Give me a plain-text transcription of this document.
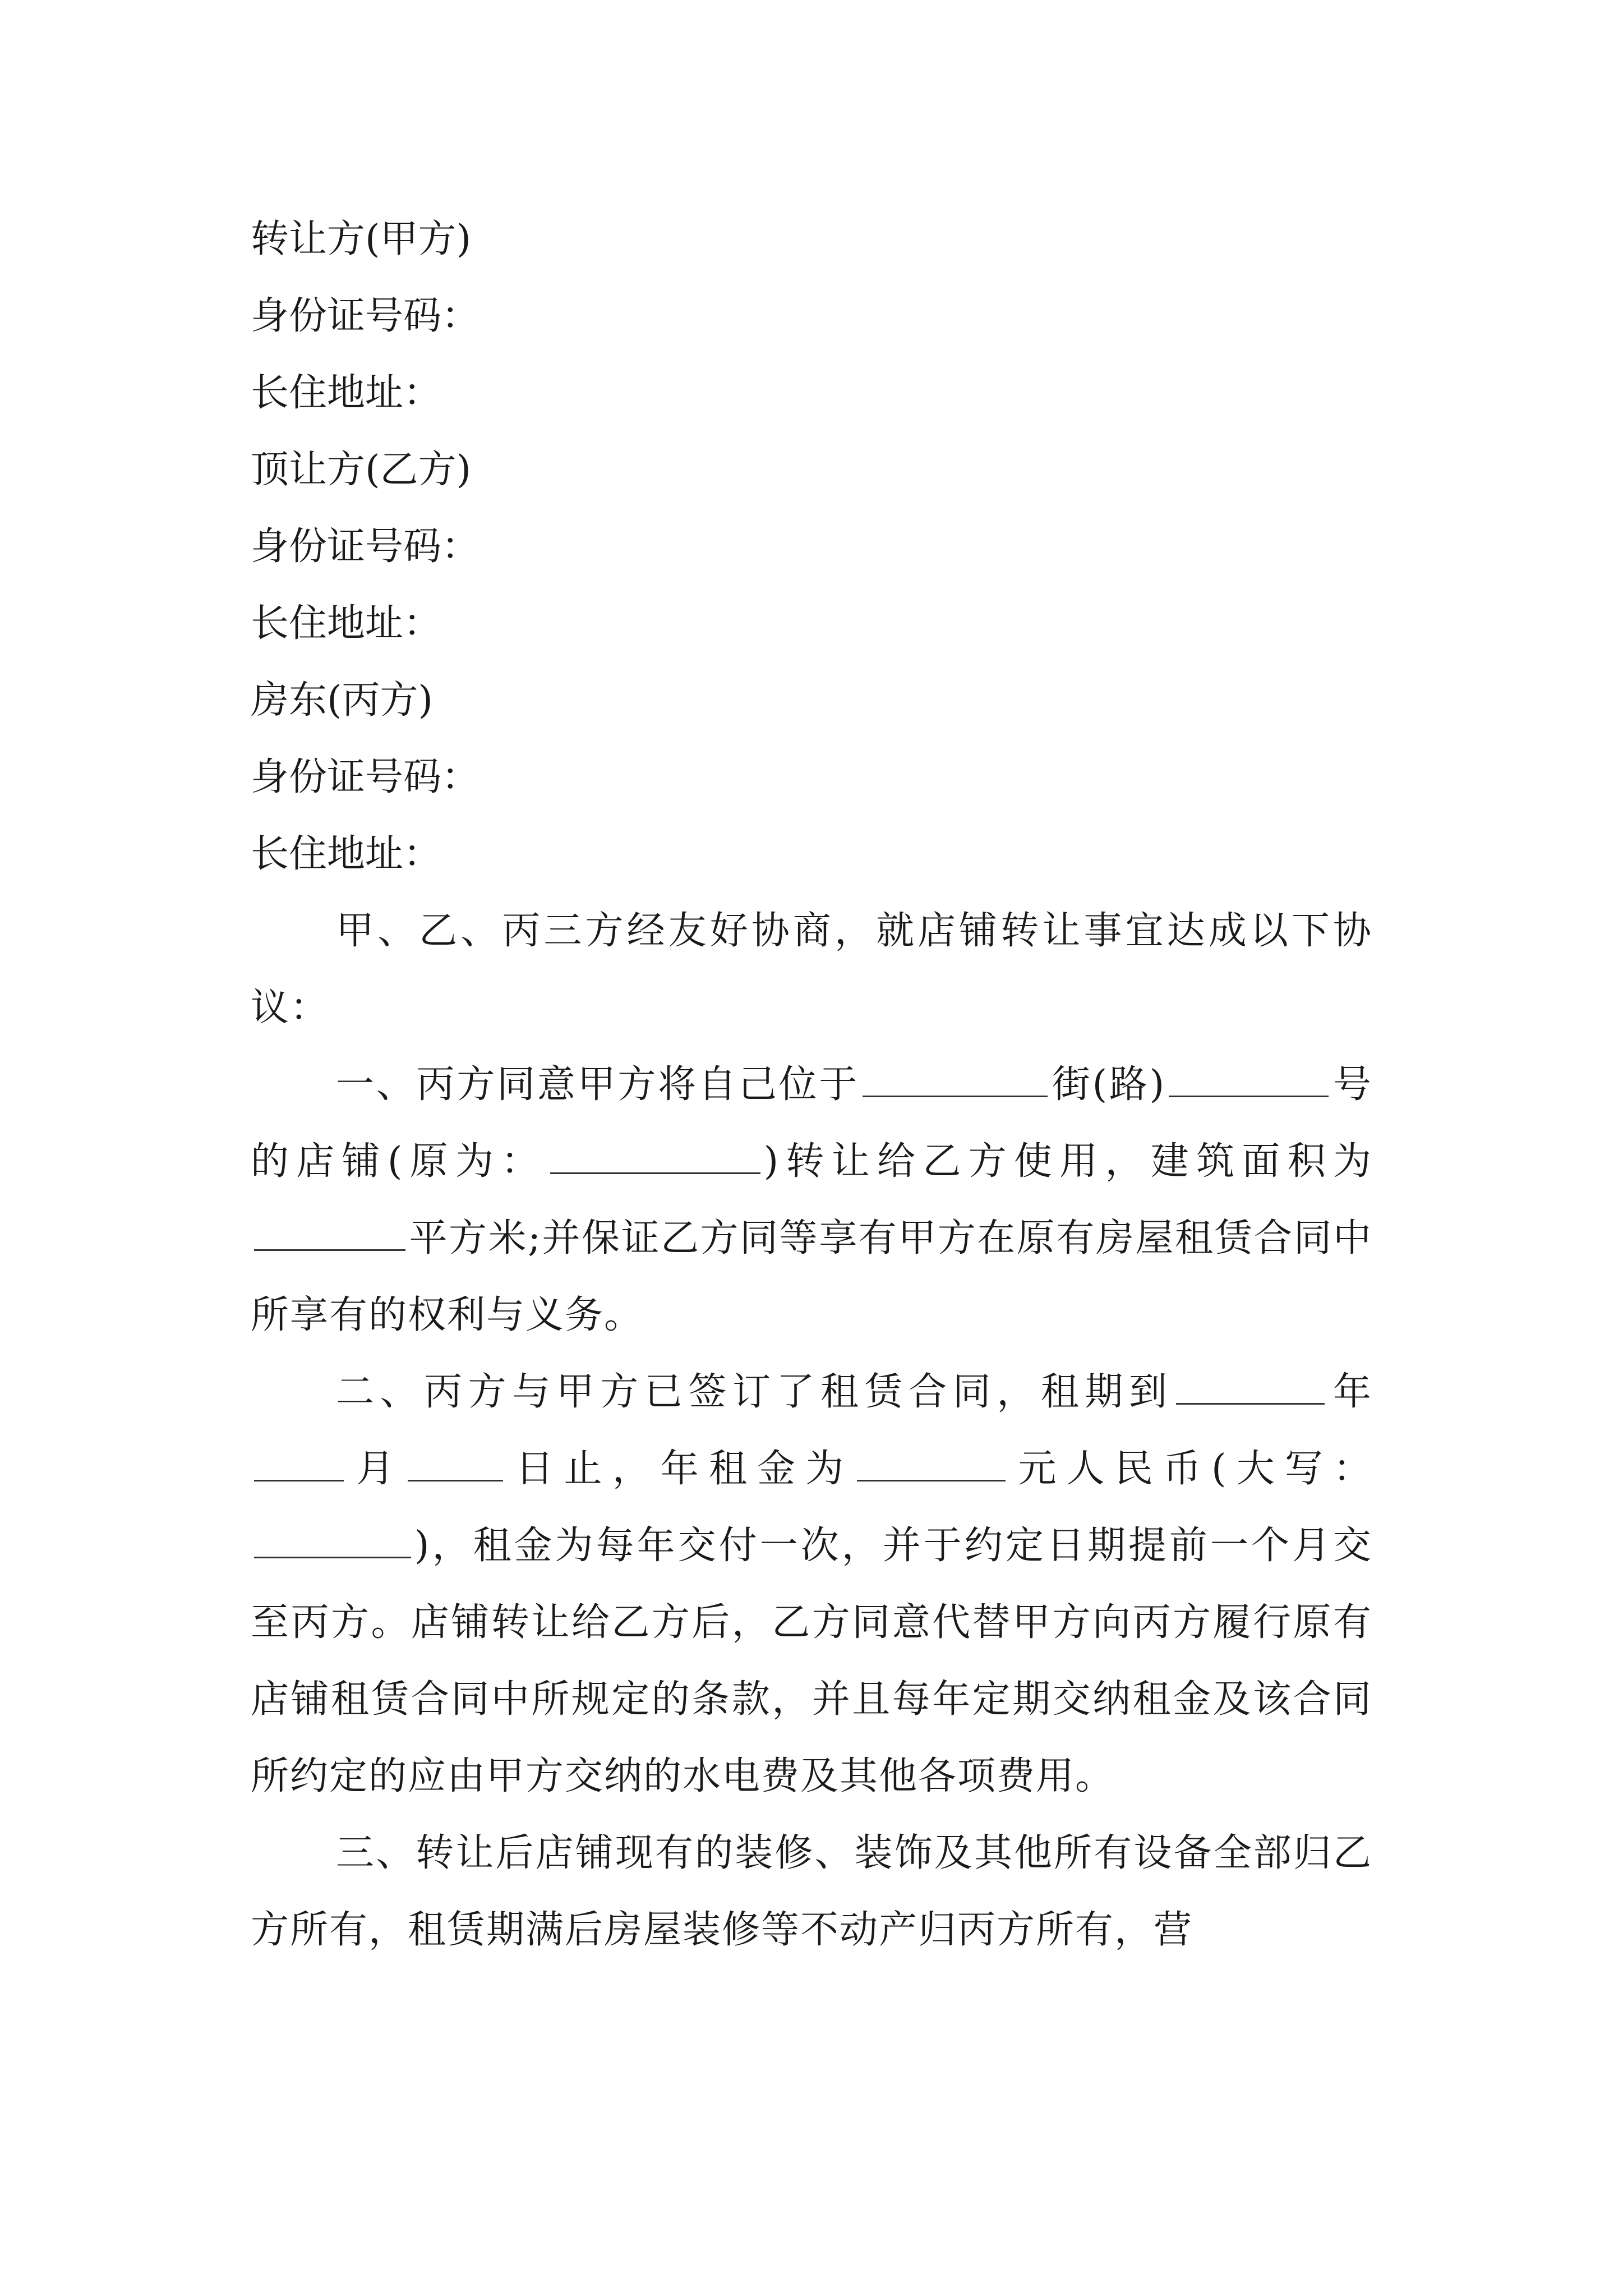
转让方(甲方)

身份证号码：

长住地址：

顶让方(乙方)

身份证号码：

长住地址：

房东(丙方)

身份证号码：

长住地址：

甲、乙、丙三方经友好协商，就店铺转让事宜达成以下协议：

一、丙方同意甲方将自己位于	街(路)	号的店铺(原为：	)转让给乙方使用，建筑面积为平方米;并保证乙方同等享有甲方在原有房屋租赁合同中所享有的权利与义务。

二、丙方与甲方已签订了租赁合同，租期到	年月	日止，年租金为	元人民币(大写：)，租金为每年交付一次，并于约定日期提前一个月交至丙方。店铺转让给乙方后，乙方同意代替甲方向丙方履行原有店铺租赁合同中所规定的条款，并且每年定期交纳租金及该合同所约定的应由甲方交纳的水电费及其他各项费用。

三、转让后店铺现有的装修、装饰及其他所有设备全部归乙方所有，租赁期满后房屋装修等不动产归丙方所有，营
